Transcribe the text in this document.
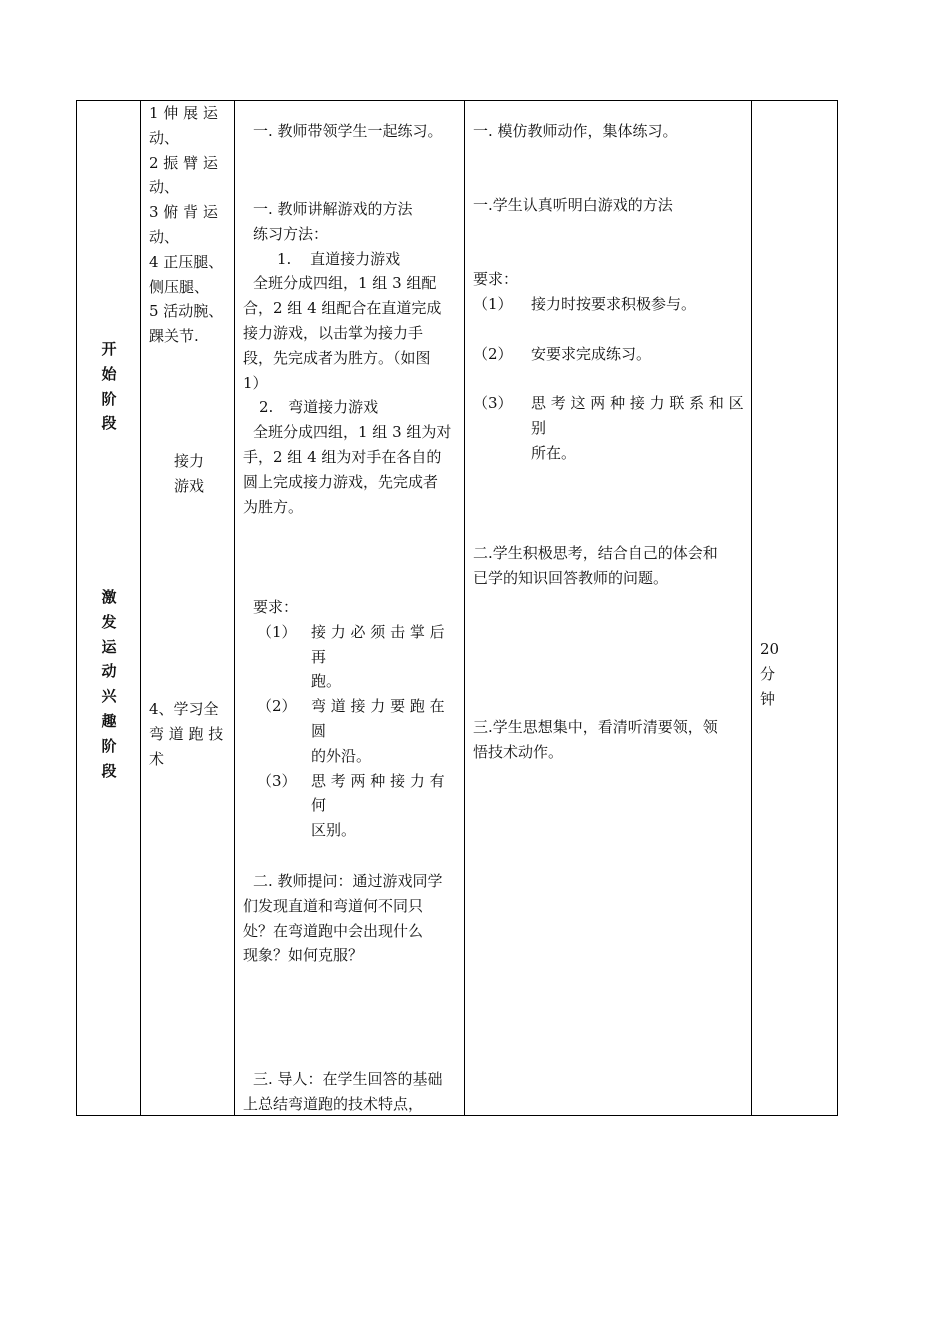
开
始
阶
段
激
发
运
动
兴
趣
阶
段
1 伸 展 运
动、
2 振 臂 运
动、
3 俯 背 运
动、
4 正压腿、
侧压腿、
5 活动腕、
踝关节.
接力
游戏
4、学习全
弯 道 跑 技
术
一. 教师带领学生一起练习。
一. 教师讲解游戏的方法
练习方法：
1. 直道接力游戏
全班分成四组，1 组 3 组配
合，2 组 4 组配合在直道完成
接力游戏，以击掌为接力手
段，先完成者为胜方。（如图
1）
2. 弯道接力游戏
全班分成四组，1 组 3 组为对
手，2 组 4 组为对手在各自的
圆上完成接力游戏，先完成者
为胜方。
要求：
（1） 接 力 必 须 击 掌 后 再
跑。
（2） 弯 道 接 力 要 跑 在 圆
的外沿。
（3） 思 考 两 种 接 力 有 何
区别。
二. 教师提问：通过游戏同学
们发现直道和弯道何不同只
处？在弯道跑中会出现什么
现象？如何克服？
三. 导人：在学生回答的基础
上总结弯道跑的技术特点，
一. 模仿教师动作，集体练习。
一.学生认真听明白游戏的方法
要求：
（1） 接力时按要求积极参与。
（2） 安要求完成练习。
（3） 思 考 这 两 种 接 力 联 系 和 区 别
所在。
二.学生积极思考，结合自己的体会和
已学的知识回答教师的问题。
三.学生思想集中，看清听清要领，领
悟技术动作。
20
分
钟
